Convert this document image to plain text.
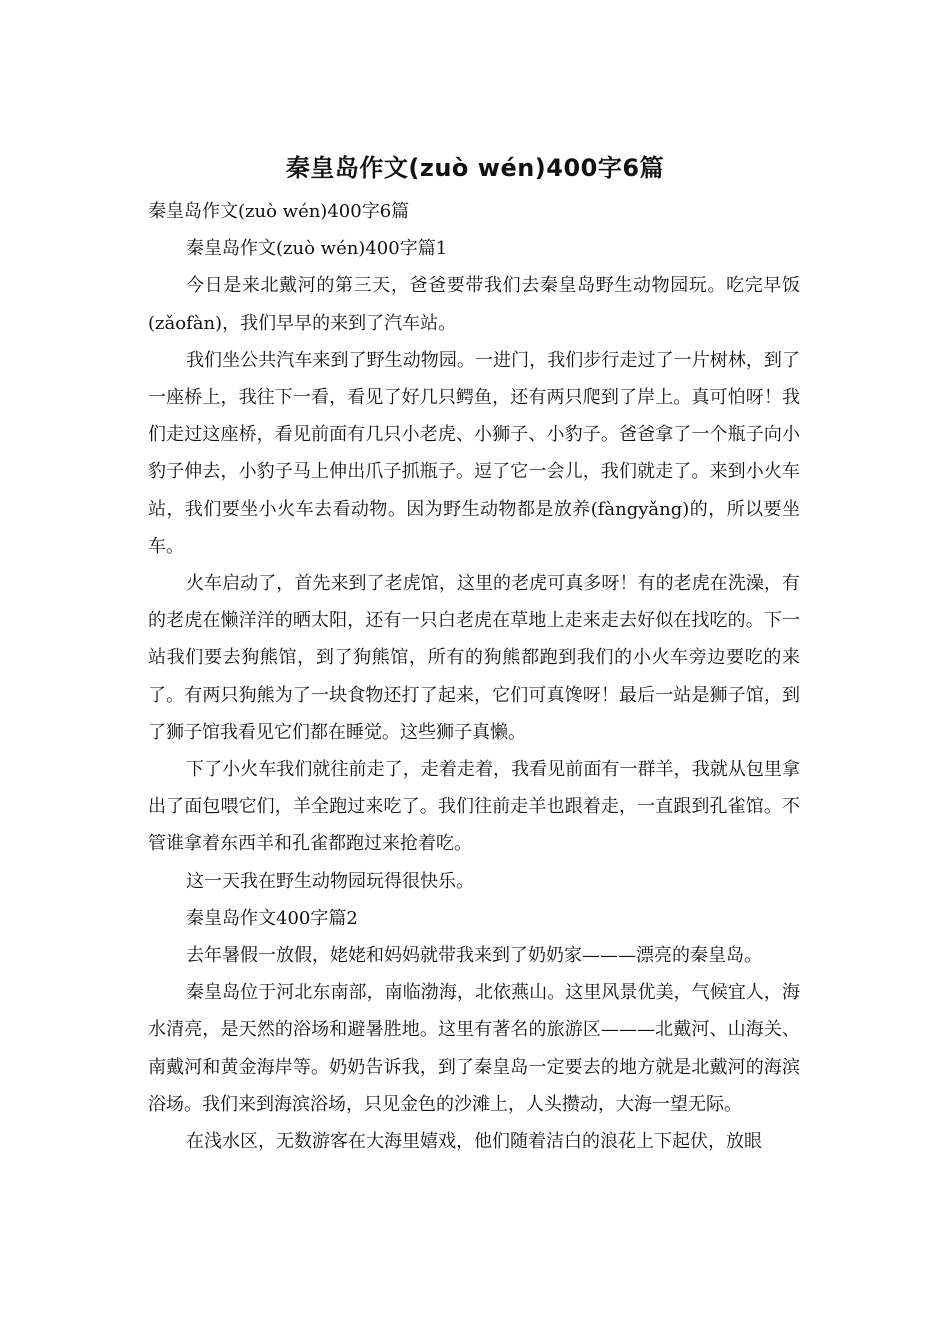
秦皇岛作文(zuò wén)400字6篇

秦皇岛作文(zuò wén)400字6篇

秦皇岛作文(zuò wén)400字篇1

今日是来北戴河的第三天，爸爸要带我们去秦皇岛野生动物园玩。吃完早饭(zǎofàn)，我们早早的来到了汽车站。

我们坐公共汽车来到了野生动物园。一进门，我们步行走过了一片树林，到了一座桥上，我往下一看，看见了好几只鳄鱼，还有两只爬到了岸上。真可怕呀！我们走过这座桥，看见前面有几只小老虎、小狮子、小豹子。爸爸拿了一个瓶子向小豹子伸去，小豹子马上伸出爪子抓瓶子。逗了它一会儿，我们就走了。来到小火车站，我们要坐小火车去看动物。因为野生动物都是放养(fàngyǎng)的，所以要坐车。

火车启动了，首先来到了老虎馆，这里的老虎可真多呀！有的老虎在洗澡，有的老虎在懒洋洋的晒太阳，还有一只白老虎在草地上走来走去好似在找吃的。下一站我们要去狗熊馆，到了狗熊馆，所有的狗熊都跑到我们的小火车旁边要吃的来了。有两只狗熊为了一块食物还打了起来，它们可真馋呀！最后一站是狮子馆，到了狮子馆我看见它们都在睡觉。这些狮子真懒。

下了小火车我们就往前走了，走着走着，我看见前面有一群羊，我就从包里拿出了面包喂它们，羊全跑过来吃了。我们往前走羊也跟着走，一直跟到孔雀馆。不管谁拿着东西羊和孔雀都跑过来抢着吃。

这一天我在野生动物园玩得很快乐。

秦皇岛作文400字篇2

去年暑假一放假，姥姥和妈妈就带我来到了奶奶家———漂亮的秦皇岛。

秦皇岛位于河北东南部，南临渤海，北依燕山。这里风景优美，气候宜人，海水清亮，是天然的浴场和避暑胜地。这里有著名的旅游区———北戴河、山海关、南戴河和黄金海岸等。奶奶告诉我，到了秦皇岛一定要去的地方就是北戴河的海滨浴场。我们来到海滨浴场，只见金色的沙滩上，人头攒动，大海一望无际。

在浅水区，无数游客在大海里嬉戏，他们随着洁白的浪花上下起伏，放眼
